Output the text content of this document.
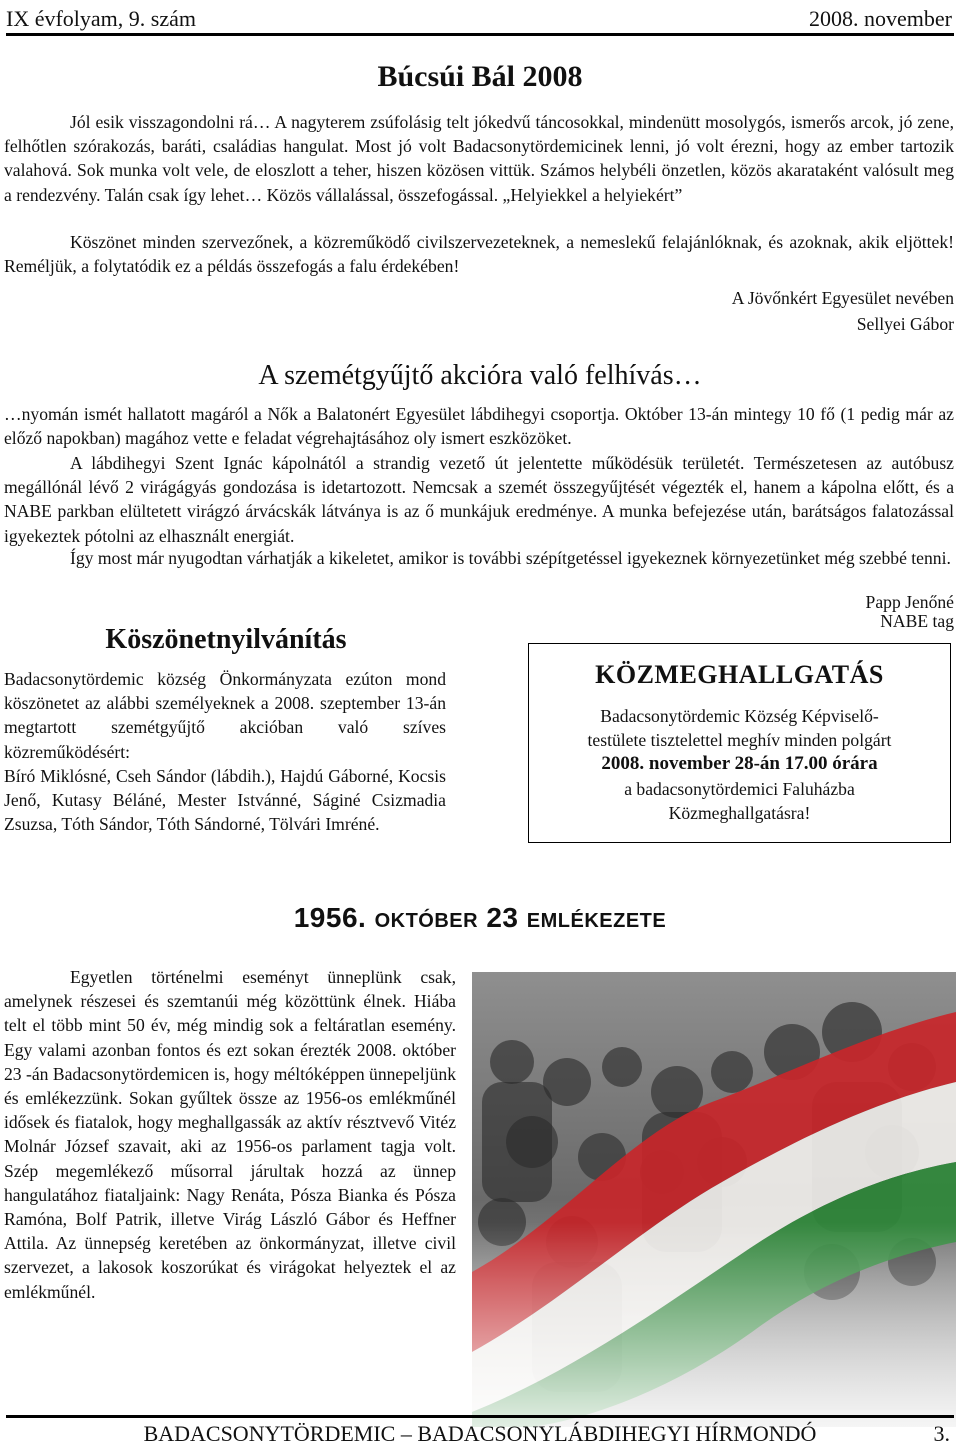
IX évfolyam, 9. szám	2008. november
Búcsúi Bál 2008

Jól esik visszagondolni rá… A nagyterem zsúfolásig telt jókedvű táncosokkal, mindenütt mosolygós, ismerős arcok, jó zene, felhőtlen szórakozás, baráti, családias hangulat. Most jó volt Badacsonytördemicinek lenni, jó volt érezni, hogy az ember tartozik valahová. Sok munka volt vele, de eloszlott a teher, hiszen közösen vittük. Számos helybéli önzetlen, közös akarataként valósult meg a rendezvény. Talán csak így lehet… Közös vállalással, összefogással. „Helyiekkel a helyiekért”

Köszönet minden szervezőnek, a közreműködő civilszervezeteknek, a nemeslekű felajánlóknak, és azoknak, akik eljöttek! Reméljük, a folytatódik ez a példás összefogás a falu érdekében!

A Jövőnkért Egyesület nevében
Sellyei Gábor
A szemétgyűjtő akcióra való felhívás…

…nyomán ismét hallatott magáról a Nők a Balatonért Egyesület lábdihegyi csoportja. Október 13-án mintegy 10 fő (1 pedig már az előző napokban) magához vette e feladat végrehajtásához oly ismert eszközöket.

A lábdihegyi Szent Ignác kápolnától a strandig vezető út jelentette működésük területét. Természetesen az autóbusz megállónál lévő 2 virágágyás gondozása is idetartozott. Nemcsak a szemét összegyűjtését végezték el, hanem a kápolna előtt, és a NABE parkban elültetett virágzó árvácskák látványa is az ő munkájuk eredménye. A munka befejezése után, barátságos falatozással igyekeztek pótolni az elhasznált energiát.

Így most már nyugodtan várhatják a kikeletet, amikor is további szépítgetéssel igyekeznek környezetünket még szebbé tenni.

Papp Jenőné
NABE tag
Köszönetnyilvánítás

Badacsonytördemic község Önkormányzata ezúton mond köszönetet az alábbi személyeknek a 2008. szeptember 13-án megtartott szemétgyűjtő akcióban való szíves közreműködésért:

Bíró Miklósné, Cseh Sándor (lábdih.), Hajdú Gáborné, Kocsis Jenő, Kutasy Béláné, Mester Istvánné, Ságiné Csizmadia Zsuzsa, Tóth Sándor, Tóth Sándorné, Tölvári Imréné.

KÖZMEGHALLGATÁS
Badacsonytördemic Község Képviselő-
testülete tisztelettel meghív minden polgárt
2008. november 28-án 17.00 órára
a badacsonytördemici Faluházba
Közmeghallgatásra!
1956. október 23 emlékezete

Egyetlen történelmi eseményt ünneplünk csak, amelynek részesei és szemtanúi még közöttünk élnek. Hiába telt el több mint 50 év, még mindig sok a feltáratlan esemény. Egy valami azonban fontos és ezt sokan érezték 2008. október 23 -án Badacsonytördemicen is, hogy méltóképpen ünnepeljünk és emlékezzünk. Sokan gyűltek össze az 1956-os emlékműnél idősek és fiatalok, hogy meghallgassák az aktív résztvevő Vitéz Molnár József szavait, aki az 1956-os parlament tagja volt. Szép megemlékező műsorral járultak hozzá az ünnep hangulatához fiataljaink: Nagy Renáta, Pósza Bianka és Pósza Ramóna, Bolf Patrik, illetve Virág László Gábor és Heffner Attila. Az ünnepség keretében az önkormányzat, illetve civil szervezet, a lakosok koszorúkat és virágokat helyeztek el az emlékműnél.

BADACSONYTÖRDEMIC – BADACSONYLÁBDIHEGYI HÍRMONDÓ	3.
